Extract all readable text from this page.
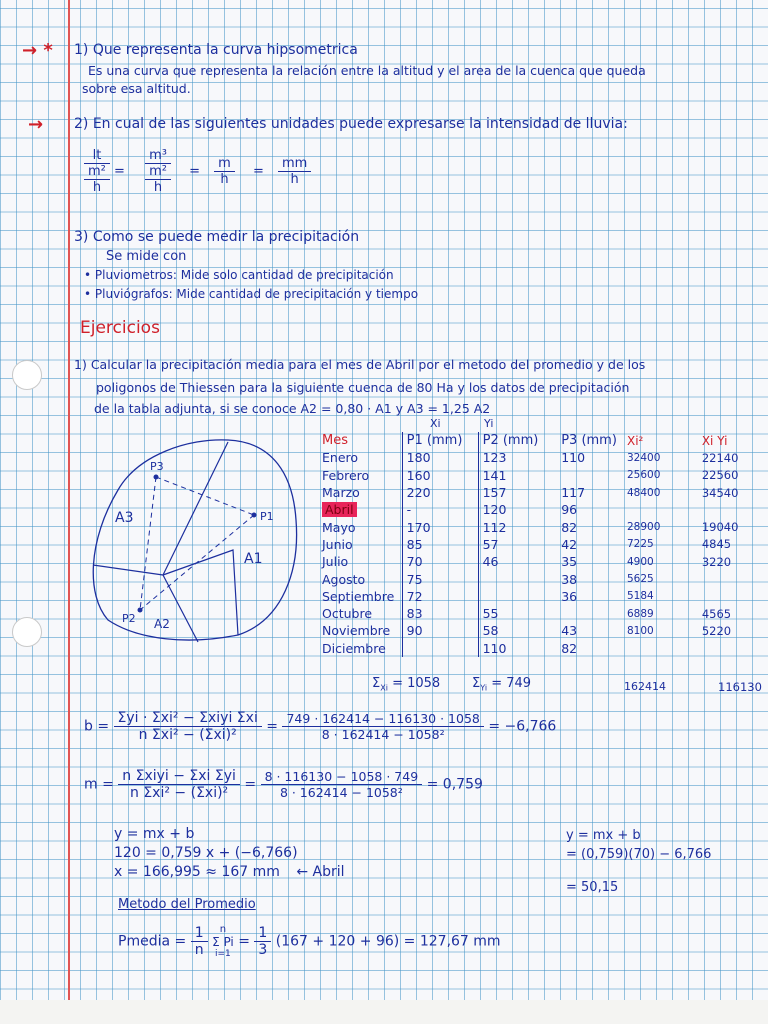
→ * 1) Que representa la curva hipsometrica
Es una curva que representa la relación entre la altitud y el area de la cuenca que queda
sobre esa altitud.
→ 2) En cual de las siguientes unidades puede expresarse la intensidad de lluvia:
lt
m²
h
=
m³
m²
h
= $\frac{m}{h} = \frac{mm}{h}$
3) Como se puede medir la precipitación
Se mide con
• Pluviometros: Mide solo cantidad de precipitación
• Pluviógrafos: Mide cantidad de precipitación y tiempo
Ejercicios
1) Calcular la precipitación media para el mes de Abril por el metodo del promedio y de los
poligonos de Thiessen para la siguiente cuenca de 80 Ha y los datos de precipitación
de la tabla adjunta, si se conoce A2 = 0,80 · A1 y A3 = 1,25 A2
P3
P1
P2
A3
A1
A2
Xi	Yi
Mes	P1 (mm)	P2 (mm)	P3 (mm)	Xi²	Xi Yi
Enero	180	123	110	32400	22140
Febrero	160	141		25600	22560
Marzo	220	157	117	48400	34540
Abril	-	120	96		
Mayo	170	112	82	28900	19040
Junio	85	57	42	7225	4845
Julio	70	46	35	4900	3220
Agosto	75		38	5625	
Septiembre	72		36	5184	
Octubre	83	55		6889	4565
Noviembre	90	58	43	8100	5220
Diciembre		110	82		
$\Sigma_{Xi} = 1058$ $\Sigma_{Yi} = 749$	162414	116130
$b = \frac{\text{Σyi · Σxi² − Σxiyi Σxi}}{\text{n Σxi² − (Σxi)²}} = \frac{749 \cdot 162414 - 116130 \cdot 1058}{\text{8 · 162414 − 1058²}} = -6,766$
$m = \frac{\text{n Σxiyi − Σxi Σyi}}{\text{n Σxi² − (Σxi)²}} = \frac{8 \cdot 116130 - 1058 \cdot 749}{\text{8 · 162414 − 1058²}} = 0,759$
y = mx + b
120 = 0,759 x + (−6,766)
x = 166,995 ≈ 167 mm ← Abril
y = mx + b
= (0,759)(70) − 6,766
= 50,15
Metodo del Promedio
Pmedia = $\frac{1}{n}$
	n
Σ Pi
i=1
= $\frac{1}{3} (167 + 120 + 96) = 127,67$ mm
